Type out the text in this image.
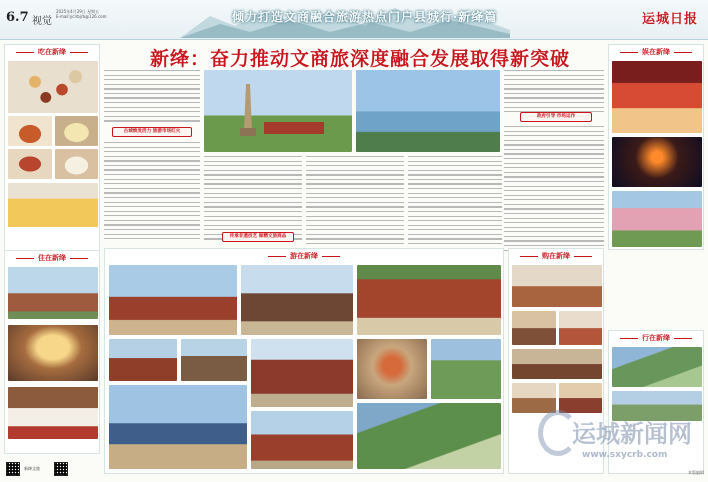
6.7 视觉
2025年4月29日 星期五
E-mail:yclrbjrb@126.com	倾力打造文商融合旅游热点门户县城行·新绛篇	运城日报
新绛：奋力推动文商旅深度融合发展取得新突破
吃在新绛
住在新绛
古城焕发活力 旅游市场红火
传承非遗技艺 做精文旅商品
政府引导 市场运作
游在新绛
娱在新绛
购在新绛
行在新绛
新绛文旅
本版编辑
运城新闻网
www.sxycrb.com
